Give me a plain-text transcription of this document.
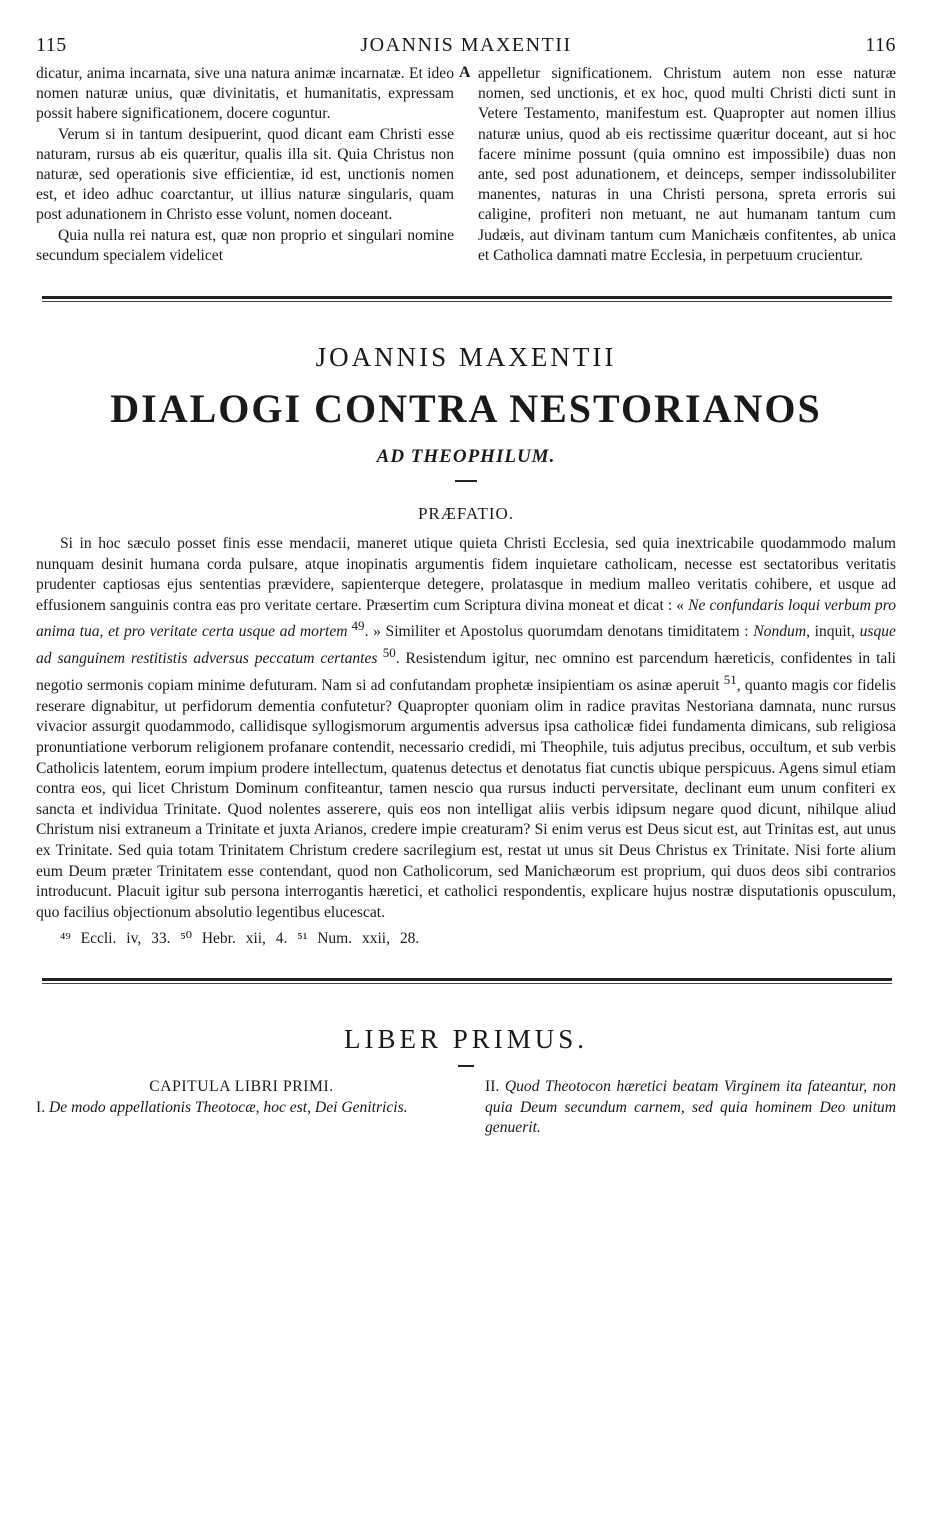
115	JOANNIS MAXENTII	116
A

dicatur, anima incarnata, sive una natura animæ incarnatæ. Et ideo nomen naturæ unius, quæ divinitatis, et humanitatis, expressam possit habere significationem, docere coguntur.

Verum si in tantum desipuerint, quod dicant eam Christi esse naturam, rursus ab eis quæritur, qualis illa sit. Quia Christus non naturæ, sed operationis sive efficientiæ, id est, unctionis nomen est, et ideo adhuc coarctantur, ut illius naturæ singularis, quam post adunationem in Christo esse volunt, nomen doceant.

Quia nulla rei natura est, quæ non proprio et singulari nomine secundum specialem videlicet

appelletur significationem. Christum autem non esse naturæ nomen, sed unctionis, et ex hoc, quod multi Christi dicti sunt in Vetere Testamento, manifestum est. Quapropter aut nomen illius naturæ unius, quod ab eis rectissime quæritur doceant, aut si hoc facere minime possunt (quia omnino est impossibile) duas non ante, sed post adunationem, et deinceps, semper indissolubiliter manentes, naturas in una Christi persona, spreta erroris sui caligine, profiteri non metuant, ne aut humanam tantum cum Judæis, aut divinam tantum cum Manichæis confitentes, ab unica et Catholica damnati matre Ecclesia, in perpetuum crucientur.

JOANNIS MAXENTII
DIALOGI CONTRA NESTORIANOS
AD THEOPHILUM.
PRÆFATIO.

Si in hoc sæculo posset finis esse mendacii, maneret utique quieta Christi Ecclesia, sed quia inextricabile quodammodo malum nunquam desinit humana corda pulsare, atque inopinatis argumentis fidem inquietare catholicam, necesse est sectatoribus veritatis prudenter captiosas ejus sententias prævidere, sapienterque detegere, prolatasque in medium malleo veritatis cohibere, et usque ad effusionem sanguinis contra eas pro veritate certare. Præsertim cum Scriptura divina moneat et dicat : « Ne confundaris loqui verbum pro anima tua, et pro veritate certa usque ad mortem $^{49}$. » Similiter et Apostolus quorumdam denotans timiditatem : Nondum, inquit, usque ad sanguinem restitistis adversus peccatum certantes $^{50}$. Resistendum igitur, nec omnino est parcendum hæreticis, confidentes in tali negotio sermonis copiam minime defuturam. Nam si ad confutandam prophetæ insipientiam os asinæ aperuit $^{51}$, quanto magis cor fidelis reserare dignabitur, ut perfidorum dementia confutetur? Quapropter quoniam olim in radice pravitas Nestoriana damnata, nunc rursus vivacior assurgit quodammodo, callidisque syllogismorum argumentis adversus ipsa catholicæ fidei fundamenta dimicans, sub religiosa pronuntiatione verborum religionem profanare contendit, necessario credidi, mi Theophile, tuis adjutus precibus, occultum, et sub verbis Catholicis latentem, eorum impium prodere intellectum, quatenus detectus et denotatus fiat cunctis ubique perspicuus. Agens simul etiam contra eos, qui licet Christum Dominum confiteantur, tamen nescio qua rursus inducti perversitate, declinant eum unum confiteri ex sancta et individua Trinitate. Quod nolentes asserere, quis eos non intelligat aliis verbis idipsum negare quod dicunt, nihilque aliud Christum nisi extraneum a Trinitate et juxta Arianos, credere impie creaturam? Si enim verus est Deus sicut est, aut Trinitas est, aut unus ex Trinitate. Sed quia totam Trinitatem Christum credere sacrilegium est, restat ut unus sit Deus Christus ex Trinitate. Nisi forte alium eum Deum præter Trinitatem esse contendant, quod non Catholicorum, sed Manichæorum est proprium, qui duos deos sibi contrarios introducunt. Placuit igitur sub persona interrogantis hæretici, et catholici respondentis, explicare hujus nostræ disputationis opusculum, quo facilius objectionum absolutio legentibus elucescat.

⁴⁹ Eccli. iv, 33. ⁵⁰ Hebr. xii, 4. ⁵¹ Num. xxii, 28.
LIBER PRIMUS.
CAPITULA LIBRI PRIMI.
I. De modo appellationis Theotocæ, hoc est, Dei Genitricis.
II. Quod Theotocon hæretici beatam Virginem ita fateantur, non quia Deum secundum carnem, sed quia hominem Deo unitum genuerit.
